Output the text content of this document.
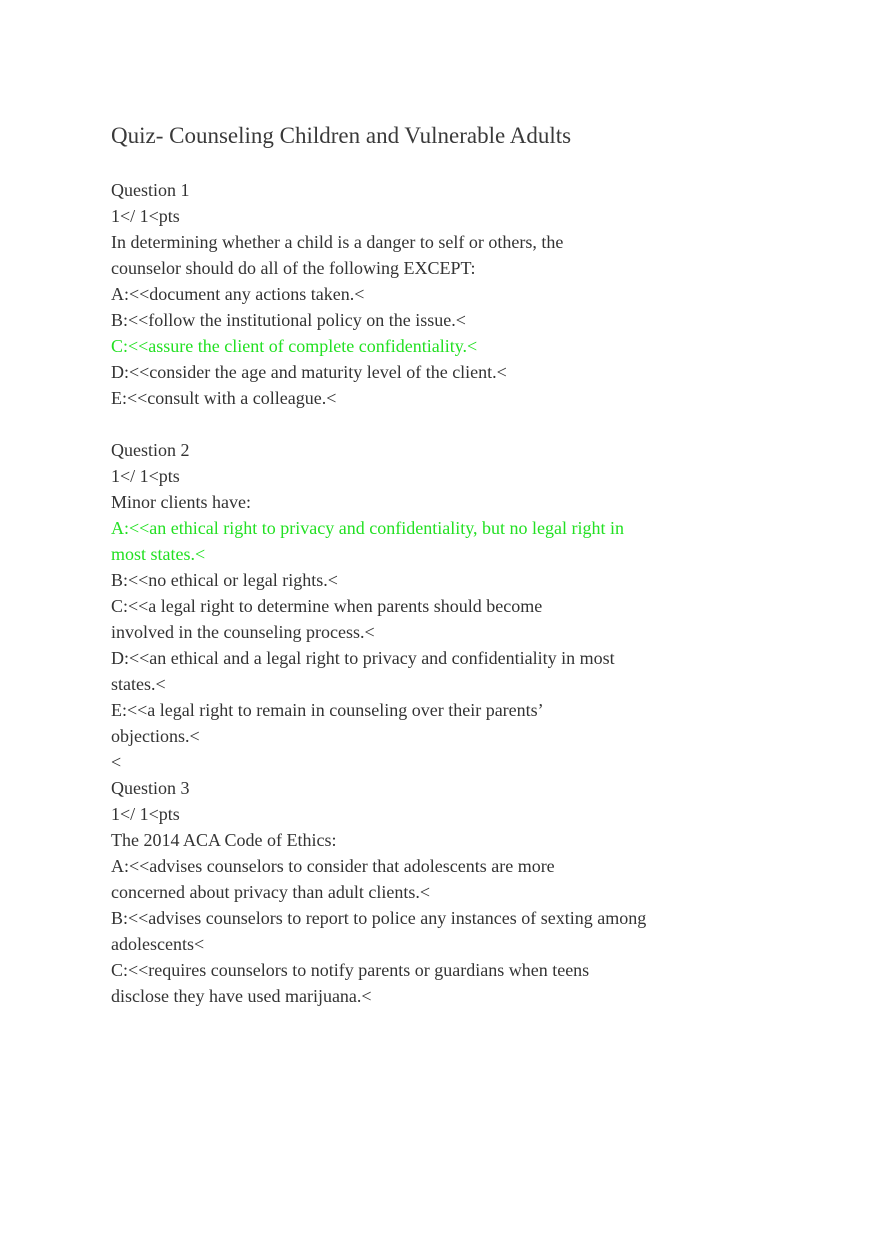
Quiz- Counseling Children and Vulnerable Adults
Question 1
1</ 1<pts
In determining whether a child is a danger to self or others, the counselor should do all of the following EXCEPT:
A:<<document any actions taken.<
B:<<follow the institutional policy on the issue.<
C:<<assure the client of complete confidentiality.<
D:<<consider the age and maturity level of the client.<
E:<<consult with a colleague.<
Question 2
1</ 1<pts
Minor clients have:
A:<<an ethical right to privacy and confidentiality, but no legal right in most states.<
B:<<no ethical or legal rights.<
C:<<a legal right to determine when parents should become involved in the counseling process.<
D:<<an ethical and a legal right to privacy and confidentiality in most states.<
E:<<a legal right to remain in counseling over their parents’ objections.<
<
Question 3
1</ 1<pts
The 2014 ACA Code of Ethics:
A:<<advises counselors to consider that adolescents are more concerned about privacy than adult clients.<
B:<<advises counselors to report to police any instances of sexting among adolescents<
C:<<requires counselors to notify parents or guardians when teens disclose they have used marijuana.<
